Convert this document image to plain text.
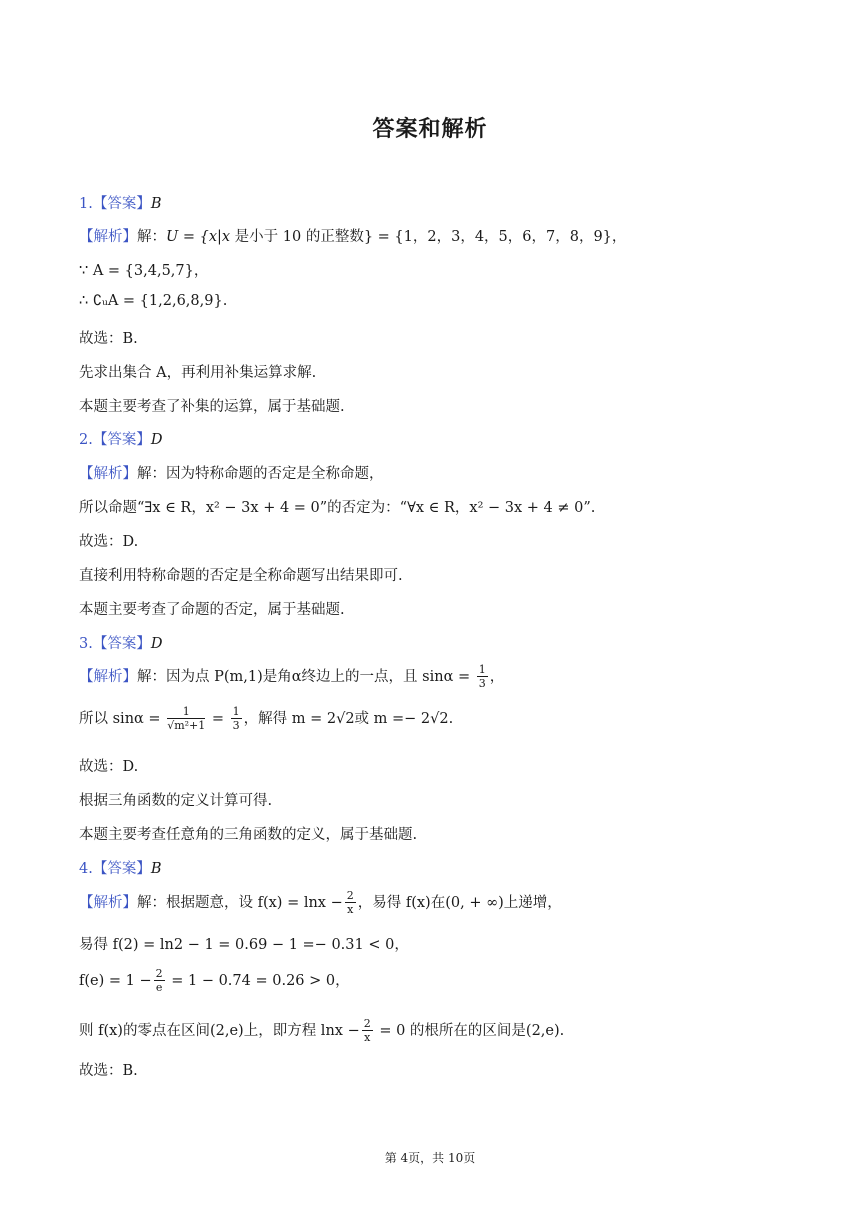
答案和解析
1.【答案】B
【解析】解：U = {x|x 是小于 10 的正整数} = {1，2，3，4，5，6，7，8，9}，
∵ A = {3,4,5,7}，
∴ ∁ᵤA = {1,2,6,8,9}.
故选：B.
先求出集合 A，再利用补集运算求解.
本题主要考查了补集的运算，属于基础题.
2.【答案】D
【解析】解：因为特称命题的否定是全称命题，
所以命题“∃x ∈ R，x² − 3x + 4 = 0”的否定为：“∀x ∈ R，x² − 3x + 4 ≠ 0”.
故选：D.
直接利用特称命题的否定是全称命题写出结果即可.
本题主要考查了命题的否定，属于基础题.
3.【答案】D
【解析】解：因为点 P(m,1)是角α终边上的一点，且 $\sin\alpha = \frac{1}{3}$ ，
所以 $\sin\alpha = \frac{1}{\text{√m²+1}} = \frac{1}{3}$ ，解得 m = 2√2或 m =− 2√2.
故选：D.
根据三角函数的定义计算可得.
本题主要考查任意角的三角函数的定义，属于基础题.
4.【答案】B
【解析】解：根据题意，设 $f(x) = \ln x - \frac{2}{x}$ ，易得 f(x)在(0, + ∞)上递增，
易得 f(2) = ln2 − 1 = 0.69 − 1 =− 0.31 < 0，
$f(e) = 1 - \frac{2}{e} = 1 - 0.74 = 0.26 > 0$，
则 f(x)的零点在区间(2,e)上，即方程 $\ln x - \frac{2}{x} = 0$ 的根所在的区间是(2,e).
故选：B.
第 4页，共 10页
